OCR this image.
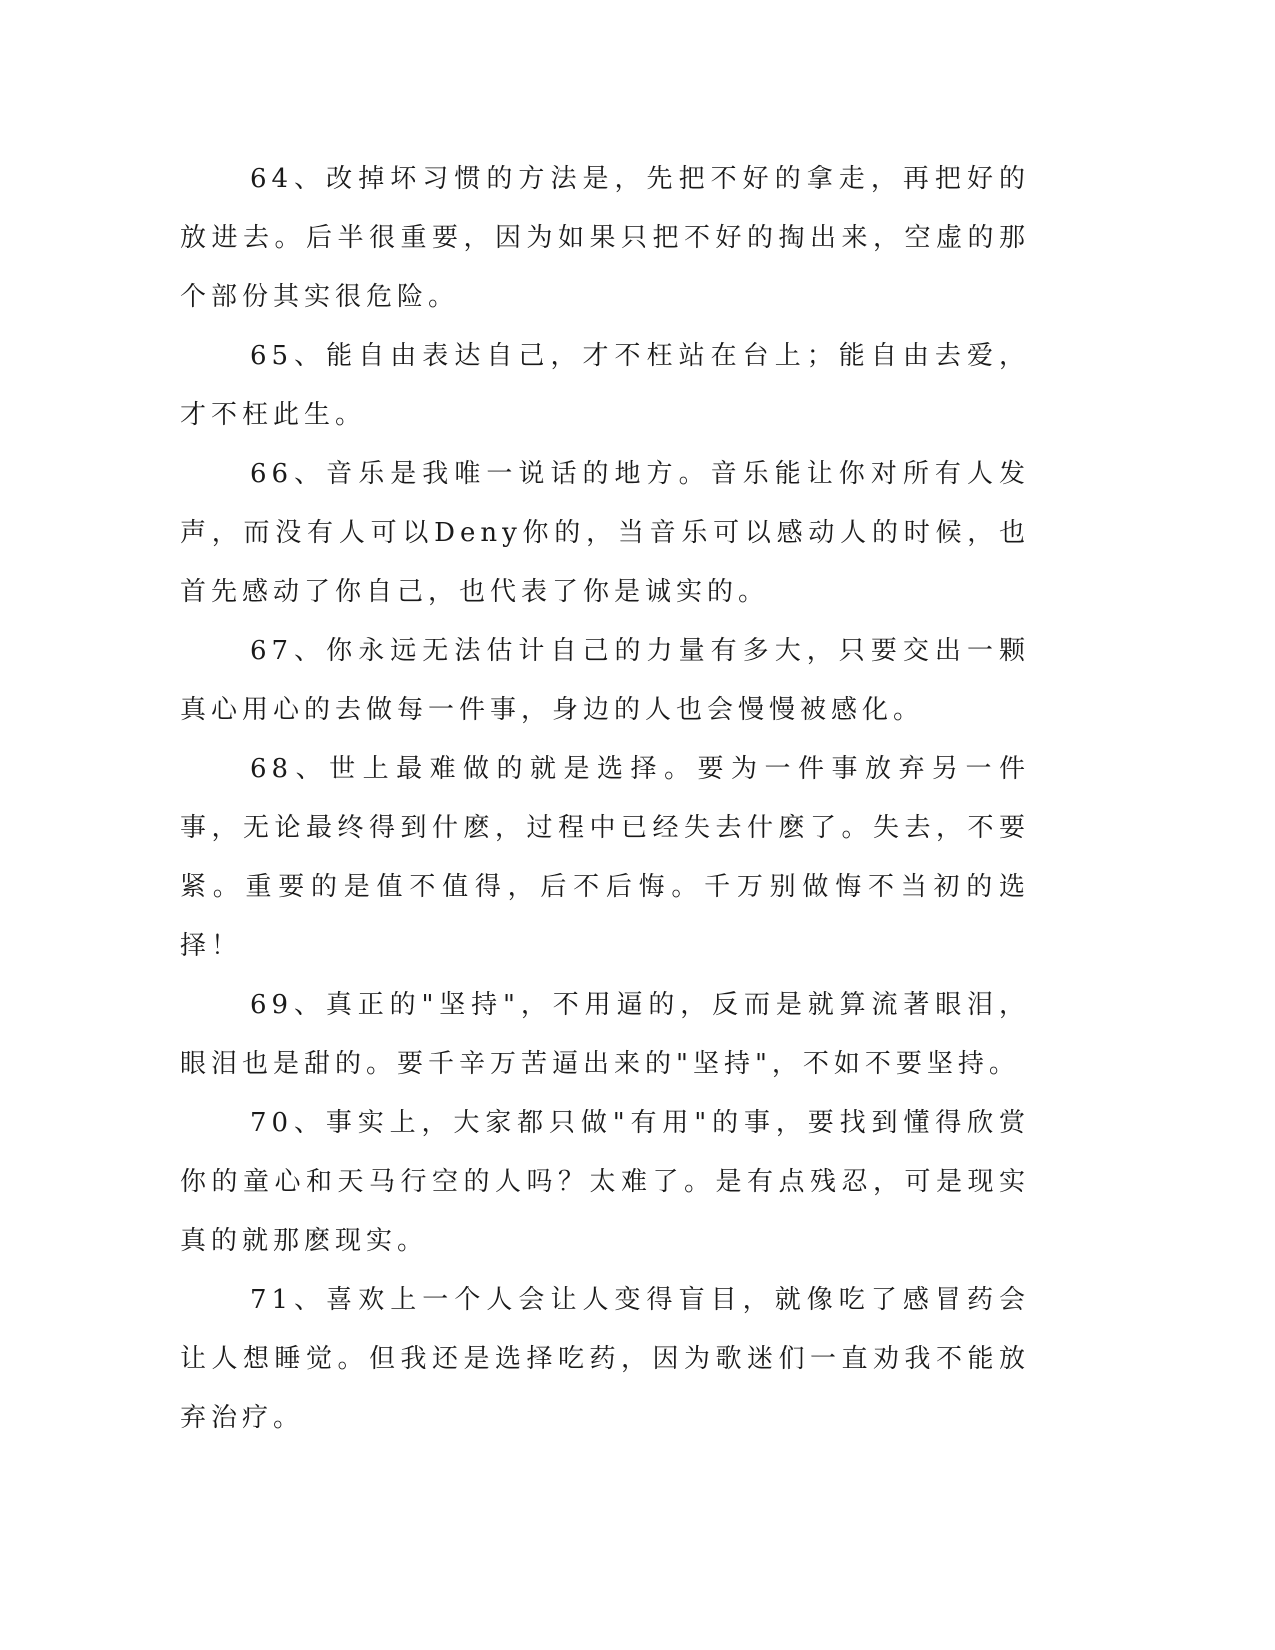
64、改掉坏习惯的方法是，先把不好的拿走，再把好的放进去。后半很重要，因为如果只把不好的掏出来，空虚的那个部份其实很危险。

65、能自由表达自己，才不枉站在台上；能自由去爱，才不枉此生。

66、音乐是我唯一说话的地方。音乐能让你对所有人发声，而没有人可以Deny你的，当音乐可以感动人的时候，也首先感动了你自己，也代表了你是诚实的。

67、你永远无法估计自己的力量有多大，只要交出一颗真心用心的去做每一件事，身边的人也会慢慢被感化。

68、世上最难做的就是选择。要为一件事放弃另一件事，无论最终得到什麽，过程中已经失去什麽了。失去，不要紧。重要的是值不值得，后不后悔。千万别做悔不当初的选择！

69、真正的"坚持"，不用逼的，反而是就算流著眼泪，眼泪也是甜的。要千辛万苦逼出来的"坚持"，不如不要坚持。

70、事实上，大家都只做"有用"的事，要找到懂得欣赏你的童心和天马行空的人吗？太难了。是有点残忍，可是现实真的就那麽现实。

71、喜欢上一个人会让人变得盲目，就像吃了感冒药会让人想睡觉。但我还是选择吃药，因为歌迷们一直劝我不能放弃治疗。
